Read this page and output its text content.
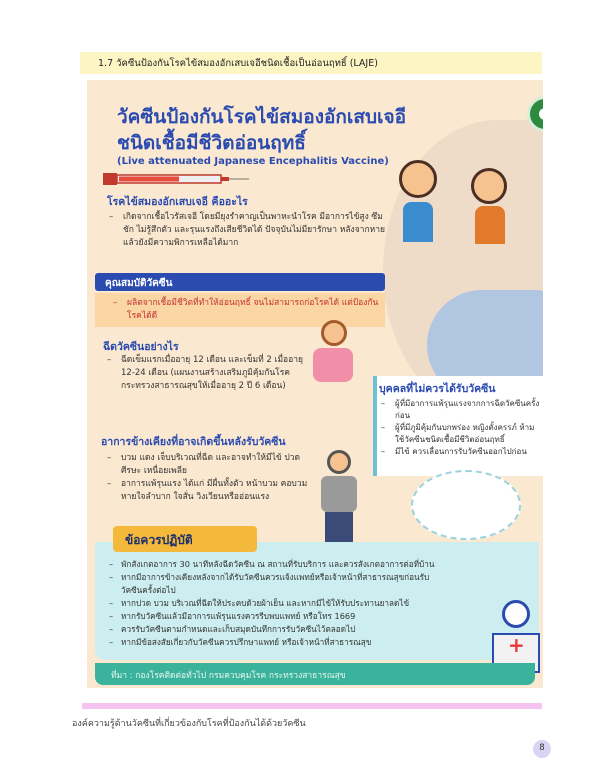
1.7 วัคซีนป้องกันโรคไข้สมองอักเสบเจอีชนิดเชื้อเป็นอ่อนฤทธิ์ (LAJE)
วัคซีนป้องกันโรคไข้สมองอักเสบเจอี
ชนิดเชื้อมีชีวิตอ่อนฤทธิ์
(Live attenuated Japanese Encephalitis Vaccine)
โรคไข้สมองอักเสบเจอี คืออะไร
– เกิดจากเชื้อไวรัสเจอี โดยมียุงรำคาญเป็นพาหะนำโรค มีอาการไข้สูง ซึม ชัก ไม่รู้สึกตัว และรุนแรงถึงเสียชีวิตได้ ปัจจุบันไม่มียารักษา หลังจากหายแล้วยังมีความพิการเหลือได้มาก
คุณสมบัติวัคซีน
– ผลิตจากเชื้อมีชีวิตที่ทำให้อ่อนฤทธิ์ จนไม่สามารถก่อโรคได้ แต่ป้องกันโรคได้ดี
ฉีดวัคซีนอย่างไร
– ฉีดเข็มแรกเมื่ออายุ 12 เดือน และเข็มที่ 2 เมื่ออายุ 12-24 เดือน (แผนงานสร้างเสริมภูมิคุ้มกันโรค กระทรวงสาธารณสุขให้เมื่ออายุ 2 ปี 6 เดือน)	บุคคลที่ไม่ควรได้รับวัคซีน
– ผู้ที่มีอาการแพ้รุนแรงจากการฉีดวัคซีนครั้งก่อน
– ผู้ที่มีภูมิคุ้มกันบกพร่อง หญิงตั้งครรภ์ ห้ามใช้วัคซีนชนิดเชื้อมีชีวิตอ่อนฤทธิ์
– มีไข้ ควรเลื่อนการรับวัคซีนออกไปก่อน
อาการข้างเคียงที่อาจเกิดขึ้นหลังรับวัคซีน
– บวม แดง เจ็บบริเวณที่ฉีด และอาจทำให้มีไข้ ปวดศีรษะ เหนื่อยเพลีย
– อาการแพ้รุนแรง ได้แก่ มีผื่นทั้งตัว หน้าบวม คอบวมหายใจลำบาก ใจสั่น วิงเวียนหรืออ่อนแรง
ข้อควรปฏิบัติ
– พักสังเกตอาการ 30 นาทีหลังฉีดวัคซีน ณ สถานที่รับบริการ และควรสังเกตอาการต่อที่บ้าน
– หากมีอาการข้างเคียงหลังจากได้รับวัคซีนควรแจ้งแพทย์หรือเจ้าหน้าที่สาธารณสุขก่อนรับวัคซีนครั้งต่อไป
– หากปวด บวม บริเวณที่ฉีดให้ประคบด้วยผ้าเย็น และหากมีไข้ให้รับประทานยาลดไข้
– หากรับวัคซีนแล้วมีอาการแพ้รุนแรงควรรีบพบแพทย์ หรือโทร 1669
– ควรรับวัคซีนตามกำหนดและเก็บสมุดบันทึกการรับวัคซีนไว้ตลอดไป
– หากมีข้อสงสัยเกี่ยวกับวัคซีนควรปรึกษาแพทย์ หรือเจ้าหน้าที่สาธารณสุข
+
ที่มา : กองโรคติดต่อทั่วไป กรมควบคุมโรค กระทรวงสาธารณสุข
องค์ความรู้ด้านวัคซีนที่เกี่ยวข้องกับโรคที่ป้องกันได้ด้วยวัคซีน
8
